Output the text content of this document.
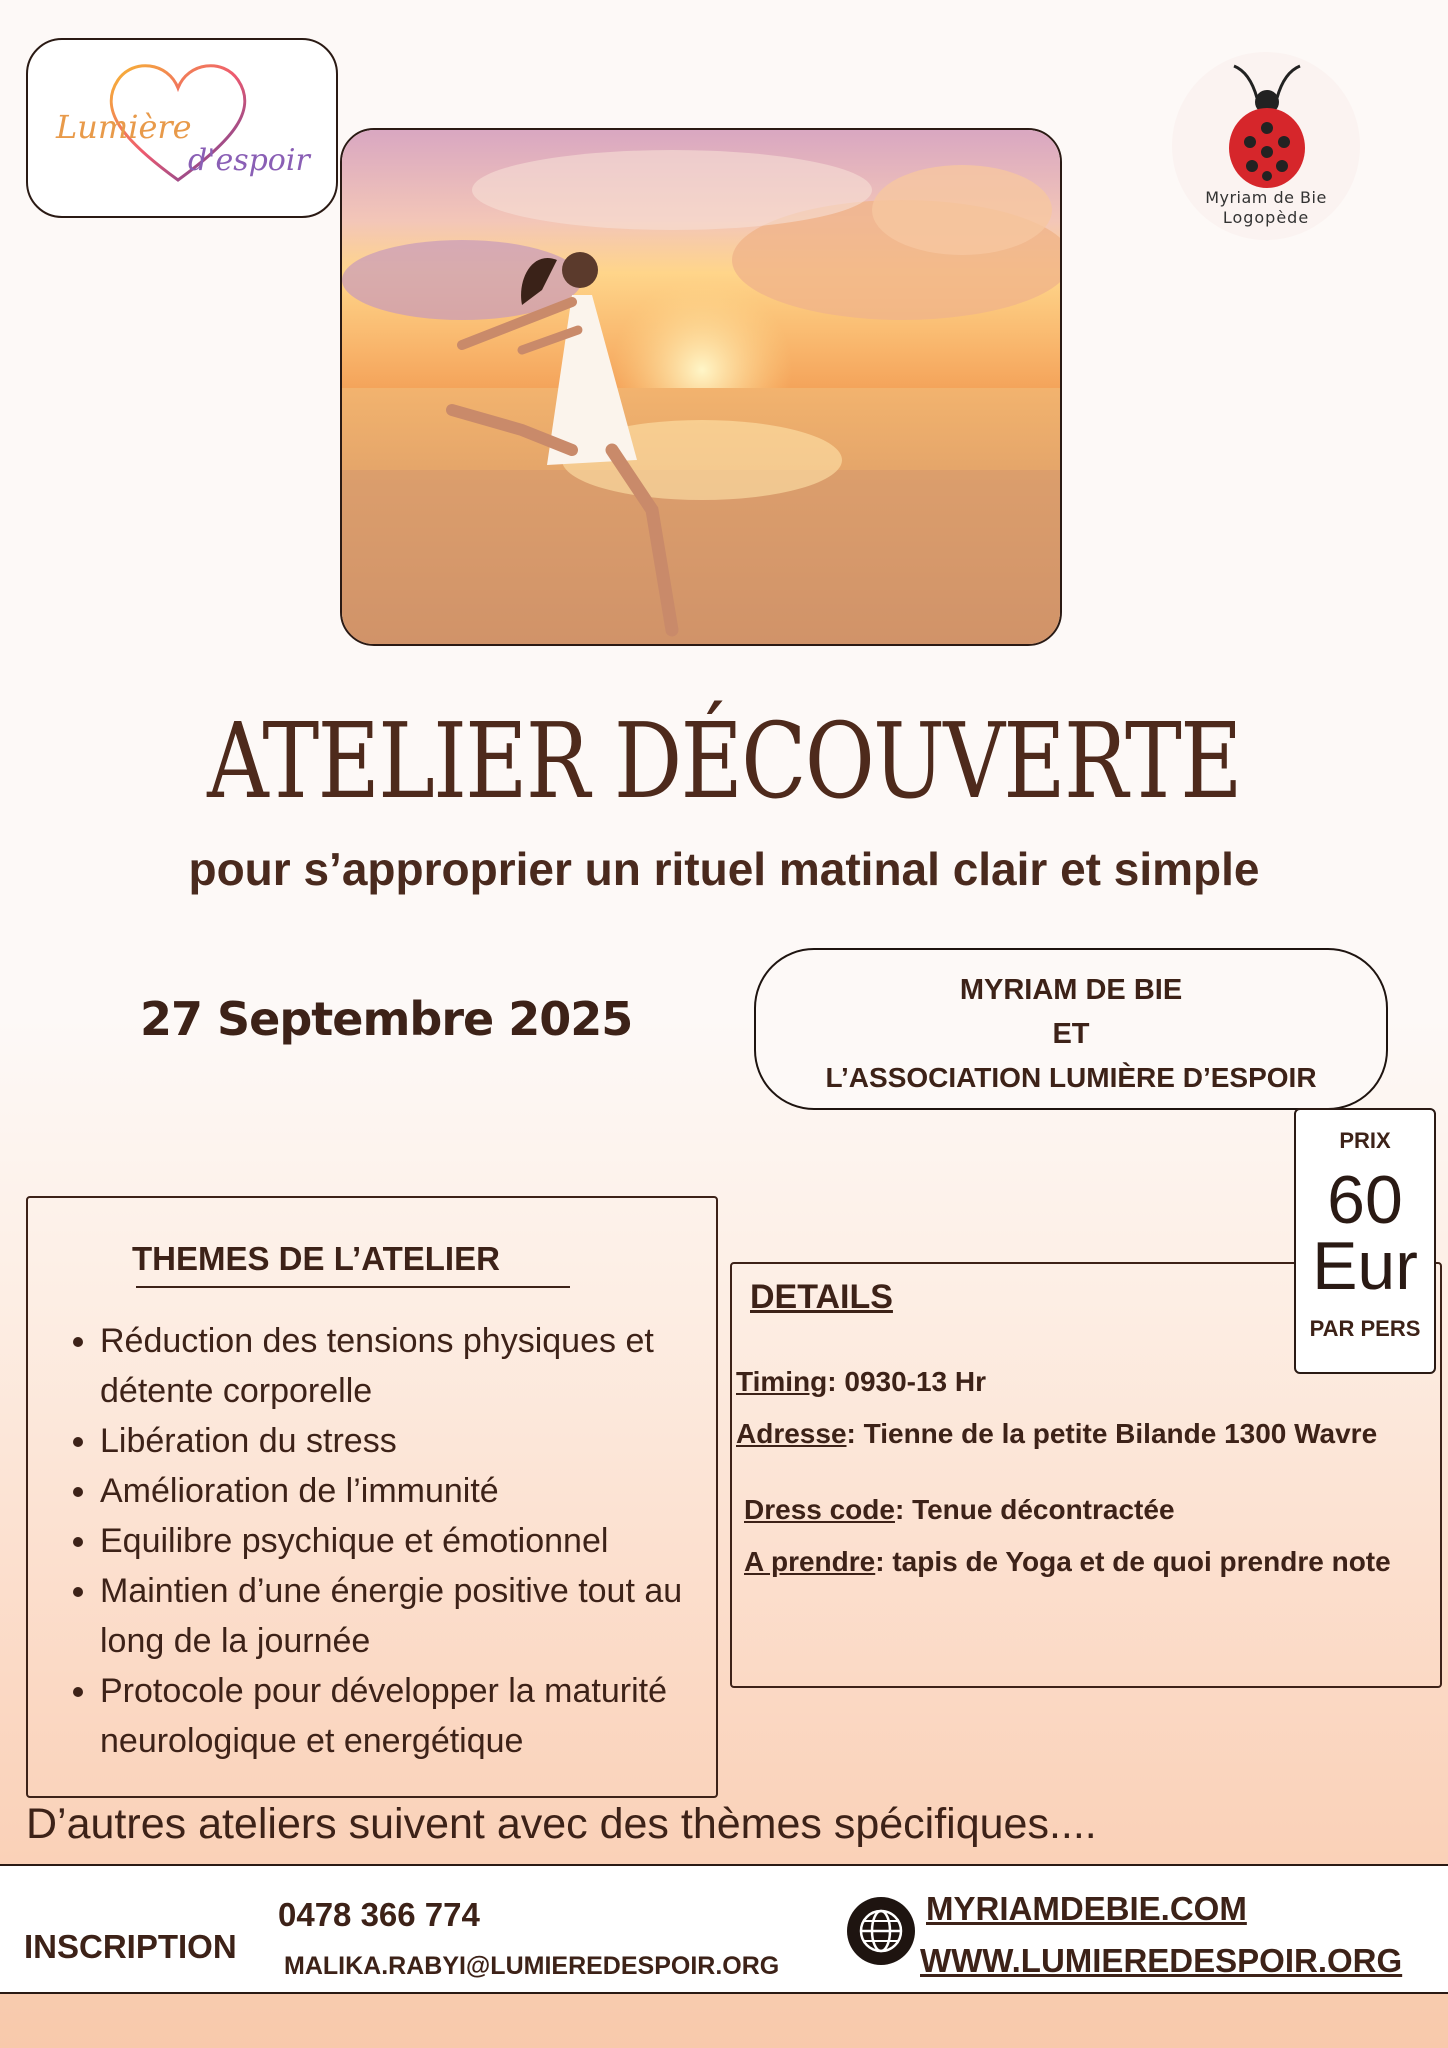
Lumière
d'espoir
Myriam de Bie
Logopède
ATELIER DÉCOUVERTE
pour s’approprier un rituel matinal clair et simple
27 Septembre 2025
MYRIAM DE BIE
ET
L’ASSOCIATION LUMIÈRE D’ESPOIR
PRIX
60
Eur
PAR PERS
THEMES DE L’ATELIER
• Réduction des tensions physiques et détente corporelle
• Libération du stress
• Amélioration de l’immunité
• Equilibre psychique et émotionnel
• Maintien d’une énergie positive tout au long de la journée
• Protocole pour développer la maturité neurologique et energétique
DETAILS
Timing: 0930-13 Hr
Adresse: Tienne de la petite Bilande 1300 Wavre
Dress code: Tenue décontractée
A prendre: tapis de Yoga et de quoi prendre note
D’autres ateliers suivent avec des thèmes spécifiques....
INSCRIPTION
0478 366 774
MALIKA.RABYI@LUMIEREDESPOIR.ORG
MYRIAMDEBIE.COM
WWW.LUMIEREDESPOIR.ORG
